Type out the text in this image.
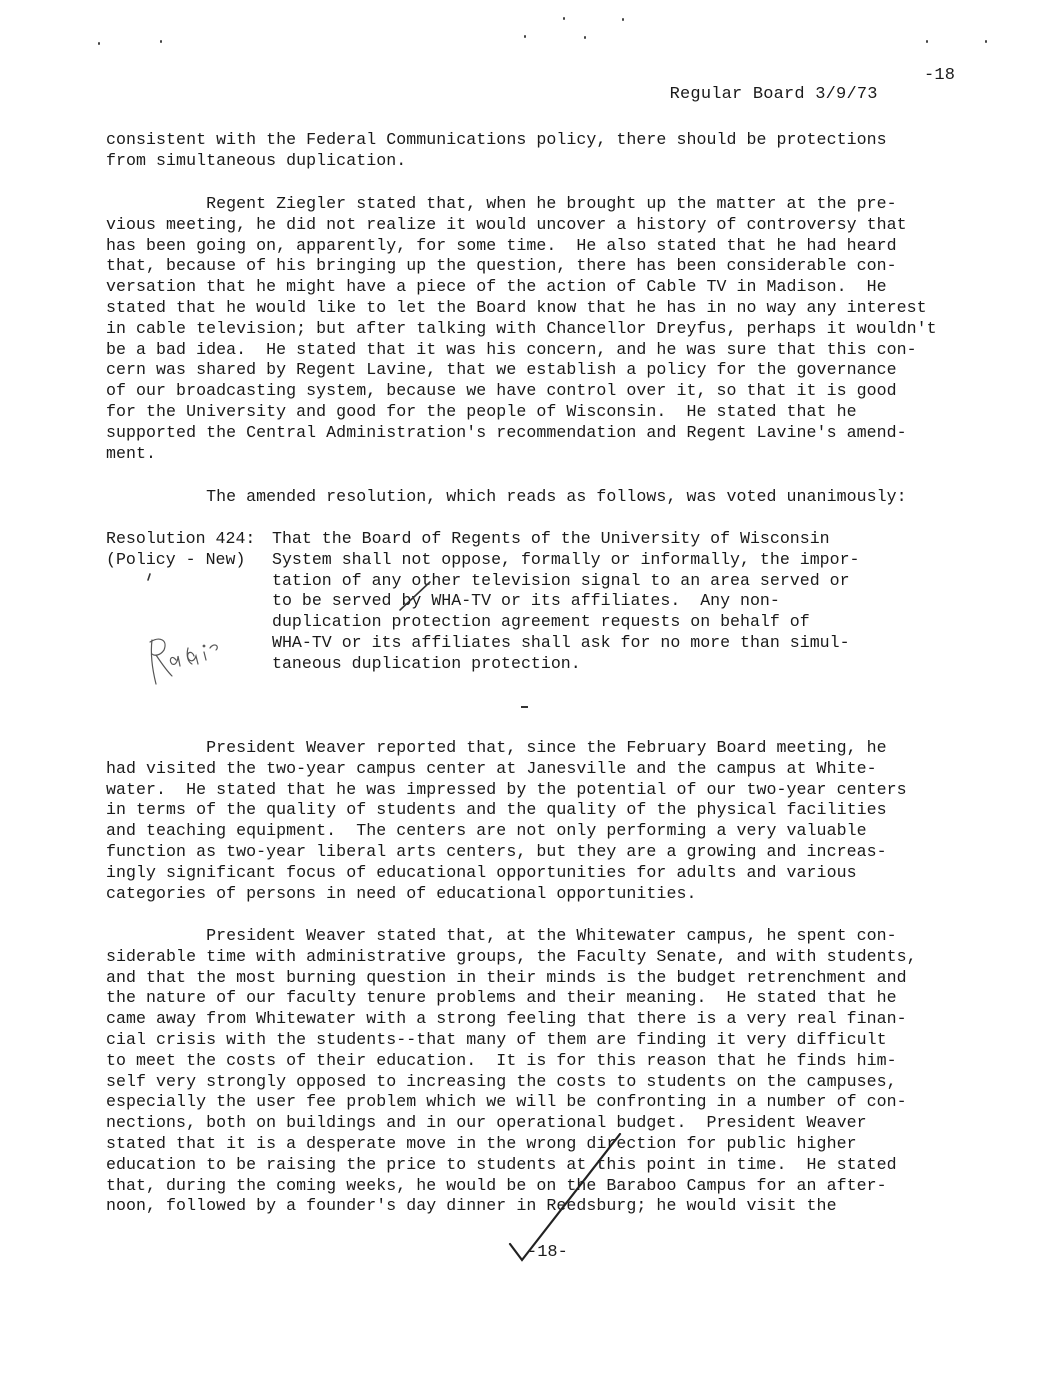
Regular Board 3/9/73
-18

consistent with the Federal Communications policy, there should be protections
from simultaneous duplication.
Regent Ziegler stated that, when he brought up the matter at the pre-
vious meeting, he did not realize it would uncover a history of controversy that
has been going on, apparently, for some time.  He also stated that he had heard
that, because of his bringing up the question, there has been considerable con-
versation that he might have a piece of the action of Cable TV in Madison.  He
stated that he would like to let the Board know that he has in no way any interest
in cable television; but after talking with Chancellor Dreyfus, perhaps it wouldn't
be a bad idea.  He stated that it was his concern, and he was sure that this con-
cern was shared by Regent Lavine, that we establish a policy for the governance
of our broadcasting system, because we have control over it, so that it is good
for the University and good for the people of Wisconsin.  He stated that he
supported the Central Administration's recommendation and Regent Lavine's amend-
ment.
The amended resolution, which reads as follows, was voted unanimously:
Resolution 424:
(Policy - New)
That the Board of Regents of the University of Wisconsin
System shall not oppose, formally or informally, the impor-
tation of any other television signal to an area served or
to be served by WHA-TV or its affiliates.  Any non-
duplication protection agreement requests on behalf of
WHA-TV or its affiliates shall ask for no more than simul-
taneous duplication protection.
President Weaver reported that, since the February Board meeting, he
had visited the two-year campus center at Janesville and the campus at White-
water.  He stated that he was impressed by the potential of our two-year centers
in terms of the quality of students and the quality of the physical facilities
and teaching equipment.  The centers are not only performing a very valuable
function as two-year liberal arts centers, but they are a growing and increas-
ingly significant focus of educational opportunities for adults and various
categories of persons in need of educational opportunities.
President Weaver stated that, at the Whitewater campus, he spent con-
siderable time with administrative groups, the Faculty Senate, and with students,
and that the most burning question in their minds is the budget retrenchment and
the nature of our faculty tenure problems and their meaning.  He stated that he
came away from Whitewater with a strong feeling that there is a very real finan-
cial crisis with the students--that many of them are finding it very difficult
to meet the costs of their education.  It is for this reason that he finds him-
self very strongly opposed to increasing the costs to students on the campuses,
especially the user fee problem which we will be confronting in a number of con-
nections, both on buildings and in our operational budget.  President Weaver
stated that it is a desperate move in the wrong direction for public higher
education to be raising the price to students at this point in time.  He stated
that, during the coming weeks, he would be on the Baraboo Campus for an after-
noon, followed by a founder's day dinner in Reedsburg; he would visit the
-18-
